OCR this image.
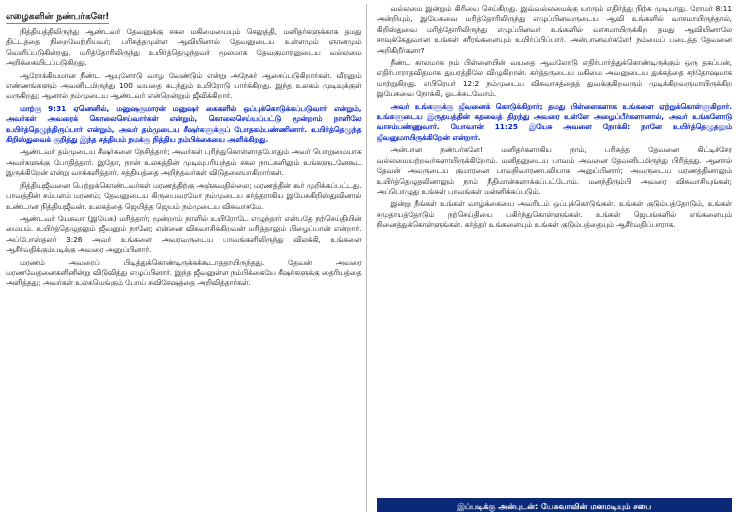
எழைகளின் நண்பர்களே!

நித்தியத்திலிருந்து ஆண்டவர் தேவனுக்கு சகல மகிமையையும் செலுத்தி, மனிதர்களுக்காக தமது திட்டத்தை நிறைவேற்றியவர்; பரிசுத்தமுள்ள ஆவியினால் தேவனுடைய உள்ளமும் ஞானமும் வெளிப்படுகின்றது. மரித்தோரிலிருந்து உயிர்த்தெழுந்தவர் மூலமாக தேவகுமாரனுடைய வல்லமை அறிக்கையிடப்படுகிறது.

ஆரோக்கியமான நீண்ட ஆயுளோடு வாழ வேண்டும் என்று அநேகர் ஆசைப்படுகிறார்கள். வீரனும் எண்ணங்களும் அவனிடமிருந்து 100 வயதை கடந்தும் உயிரோடு பார்க்கிறது. இந்த உலகம் முடிவுக்குள் வருகிறது; ஆனால் நம்முடைய ஆண்டவர் என்றென்றும் ஜீவிக்கிறார்.

மாற்கு 9:31 ஏனெனில், மனுஷகுமாரன் மனுஷர் கைகளில் ஒப்புக்கொடுக்கப்படுவார் என்றும், அவர்கள் அவரைக் கொலைசெய்வார்கள் என்றும், கொலைசெய்யப்பட்டு மூன்றாம் நாளிலே உயிர்த்தெழுந்திருப்பார் என்றும், அவர் தம்முடைய சீஷர்களுக்குப் போதகம்பண்ணினார். உயிர்த்தெழுந்த கிறிஸ்துவைக் குறித்து இந்த சத்தியம் நமக்கு நித்திய நம்பிக்கையை அளிக்கிறது.

ஆண்டவர் தம்முடைய சீஷர்களை நேசித்தார்; அவர்கள் புரிந்துகொள்ளாதபோதும் அவர் பொறுமையாக அவர்களுக்கு போதித்தார். இதோ, நான் உலகத்தின் முடிவுபரியந்தம் சகல நாட்களிலும் உங்களுடனேகூட இருக்கிறேன் என்று வாக்களித்தார். சத்தியத்தை அறிந்தவர்கள் விடுதலையாகிறார்கள்.

நித்தியஜீவனை பெற்றுக்கொண்டவர்கள் மரணத்திற்கு அஞ்சுவதில்லை; மரணத்தின் கூர் முறிக்கப்பட்டது. பாவத்தின் சம்பளம் மரணம்; தேவனுடைய கிருபைவரமோ நம்முடைய கர்த்தராகிய இயேசுகிறிஸ்துவினால் உண்டான நித்தியஜீவன். உலகத்தை ஜெயித்த ஜெயம் நம்முடைய விசுவாசமே.

ஆண்டவர் யேசுவா (இயேசு) மரித்தார்; மூன்றாம் நாளில் உயிரோடே எழுந்தார் என்பதே நற்செய்தியின் மையம். உயிர்த்தெழுதலும் ஜீவனும் நானே; என்னை விசுவாசிக்கிறவன் மரித்தாலும் பிழைப்பான் என்றார். அப்போஸ்தலர் 3:26 அவர் உங்களை அவரவருடைய பாவங்களிலிருந்து விலக்கி, உங்களை ஆசீர்வதிக்கும்படிக்கு அவரை அனுப்பினார்.

மரணம் அவரைப் பிடித்துக்கொண்டிருக்கக்கூடாததாயிருந்தது. தேவன் அவரை மரணவேதனைகளினின்று விடுவித்து எழுப்பினார். இந்த ஜீவனுள்ள நம்பிக்கையே சீஷர்களுக்கு தைரியத்தை அளித்தது; அவர்கள் உலகமெங்கும் போய் சுவிசேஷத்தை அறிவித்தார்கள்.

வல்லமை இன்றும் கிரியை செய்கிறது. இவ்வல்லமைக்கு யாரும் எதிர்த்து நிற்க முடியாது. ரோமர் 8:11 அன்றியும், இயேசுவை மரித்தோரிலிருந்து எழுப்பினவருடைய ஆவி உங்களில் வாசமாயிருந்தால், கிறிஸ்துவை மரித்தோரிலிருந்து எழுப்பினவர் உங்களில் வாசமாயிருக்கிற தமது ஆவியினாலே சாவுக்கேதுவான உங்கள் சரீரங்களையும் உயிர்ப்பிப்பார். அன்பானவர்களே! நம்மைப் படைத்த தேவனை அறிகிறீர்களா?

நீண்ட காலமாக நம் பிள்ளையின் வயதை ஆவலோடு எதிர்பார்த்துக்கொண்டிருக்கும் ஒரு தகப்பன், எதிர்பாராதவிதமாக துயரத்திலே விழுகிறான். கர்த்தருடைய மகிமை அவனுடைய துக்கத்தை சந்தோஷமாக மாற்றுகிறது. எபிரெயர் 12:2 நம்முடைய விசுவாசத்தைத் துவக்குகிறவரும் முடிக்கிறவருமாயிருக்கிற இயேசுவை நோக்கி, ஓடக்கடவோம்.

அவர் உங்களுக்கு ஜீவனைக் கொடுக்கிறார்; தமது பிள்ளைகளாக உங்களை ஏற்றுக்கொள்ளுகிறார். உங்களுடைய இருதயத்தின் கதவைத் திறந்து அவரை உள்ளே அழைப்பீர்களானால், அவர் உங்களோடு வாசம்பண்ணுவார். யோவான் 11:25 இயேசு அவளை நோக்கி: நானே உயிர்த்தெழுதலும் ஜீவனுமாயிருக்கிறேன் என்றார்.

அன்பான நண்பர்களே! மனிதர்களாகிய நாம், பரிசுத்த தேவனை கிட்டிச்சேர வல்லமையற்றவர்களாயிருக்கிறோம். மனிதனுடைய பாவம் அவனை தேவனிடமிருந்து பிரித்தது. ஆனால் தேவன் அவருடைய குமாரனை பாவநிவாரணபலியாக அனுப்பினார்; அவருடைய மரணத்தினாலும் உயிர்த்தெழுதலினாலும் நாம் நீதிமான்களாக்கப்பட்டோம். மனந்திரும்பி அவரை விசுவாசியுங்கள்; அப்பொழுது உங்கள் பாவங்கள் மன்னிக்கப்படும்.

இன்று நீங்கள் உங்கள் வாழ்க்கையை அவரிடம் ஒப்புக்கொடுங்கள். உங்கள் குடும்பத்தோடும், உங்கள் சமுதாயத்தோடும் நற்செய்தியை பகிர்ந்துகொள்ளுங்கள். உங்கள் ஜெபங்களில் எங்களையும் நினைத்துக்கொள்ளுங்கள். கர்த்தர் உங்களையும் உங்கள் குடும்பத்தையும் ஆசீர்வதிப்பாராக.

இப்படிக்கு அன்புடன்: யேசுவாவின் மனமடியும் சபை
